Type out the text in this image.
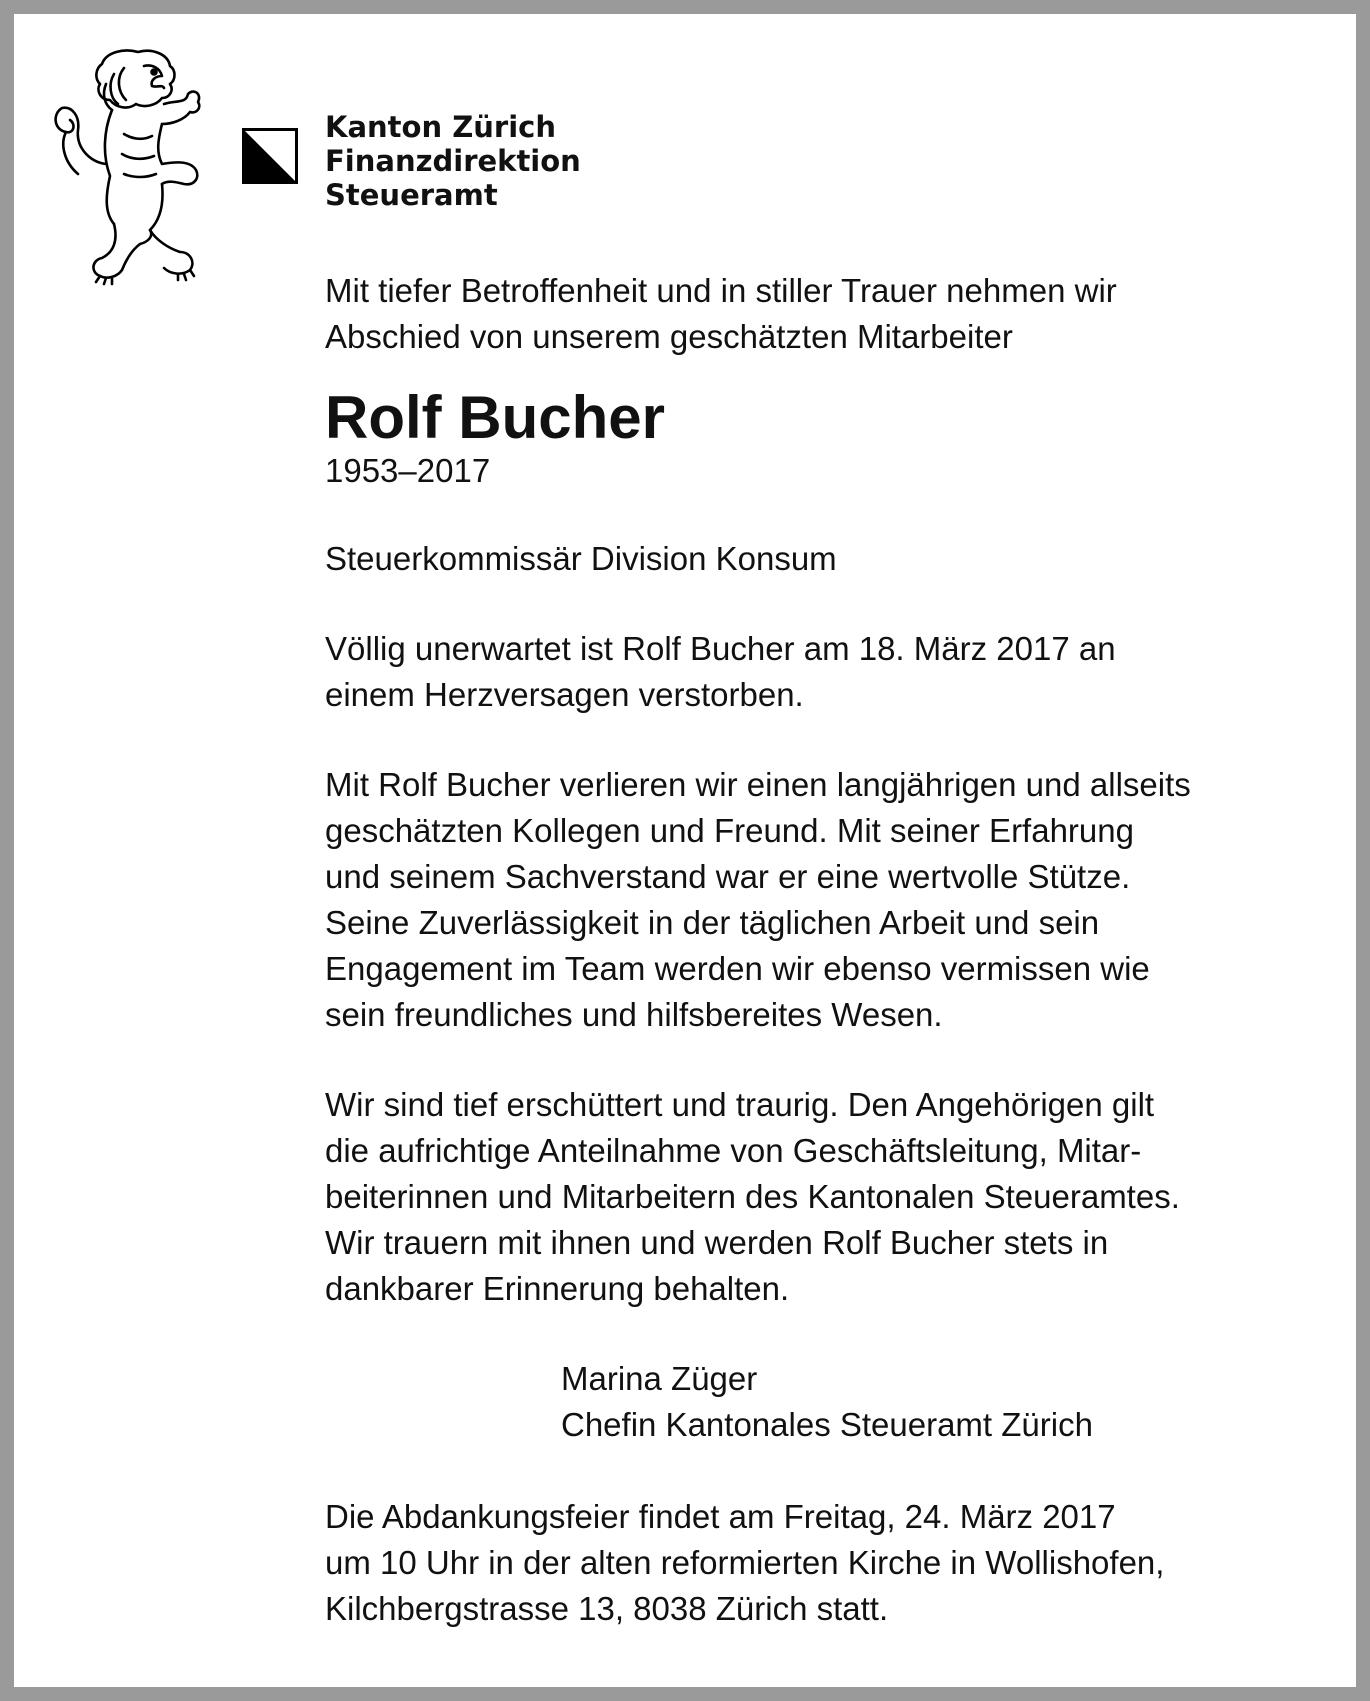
Kanton Zürich
Finanzdirektion
Steueramt
Mit tiefer Betroffenheit und in stiller Trauer nehmen wir
Abschied von unserem geschätzten Mitarbeiter
Rolf Bucher
1953–2017
Steuerkommissär Division Konsum
Völlig unerwartet ist Rolf Bucher am 18. März 2017 an
einem Herzversagen verstorben.
Mit Rolf Bucher verlieren wir einen langjährigen und allseits
geschätzten Kollegen und Freund. Mit seiner Erfahrung
und seinem Sachverstand war er eine wertvolle Stütze.
Seine Zuverlässigkeit in der täglichen Arbeit und sein
Engagement im Team werden wir ebenso vermissen wie
sein freundliches und hilfsbereites Wesen.
Wir sind tief erschüttert und traurig. Den Angehörigen gilt
die aufrichtige Anteilnahme von Geschäftsleitung, Mitar-
beiterinnen und Mitarbeitern des Kantonalen Steueramtes.
Wir trauern mit ihnen und werden Rolf Bucher stets in
dankbarer Erinnerung behalten.
Marina Züger
Chefin Kantonales Steueramt Zürich
Die Abdankungsfeier findet am Freitag, 24. März 2017
um 10 Uhr in der alten reformierten Kirche in Wollishofen,
Kilchbergstrasse 13, 8038 Zürich statt.
